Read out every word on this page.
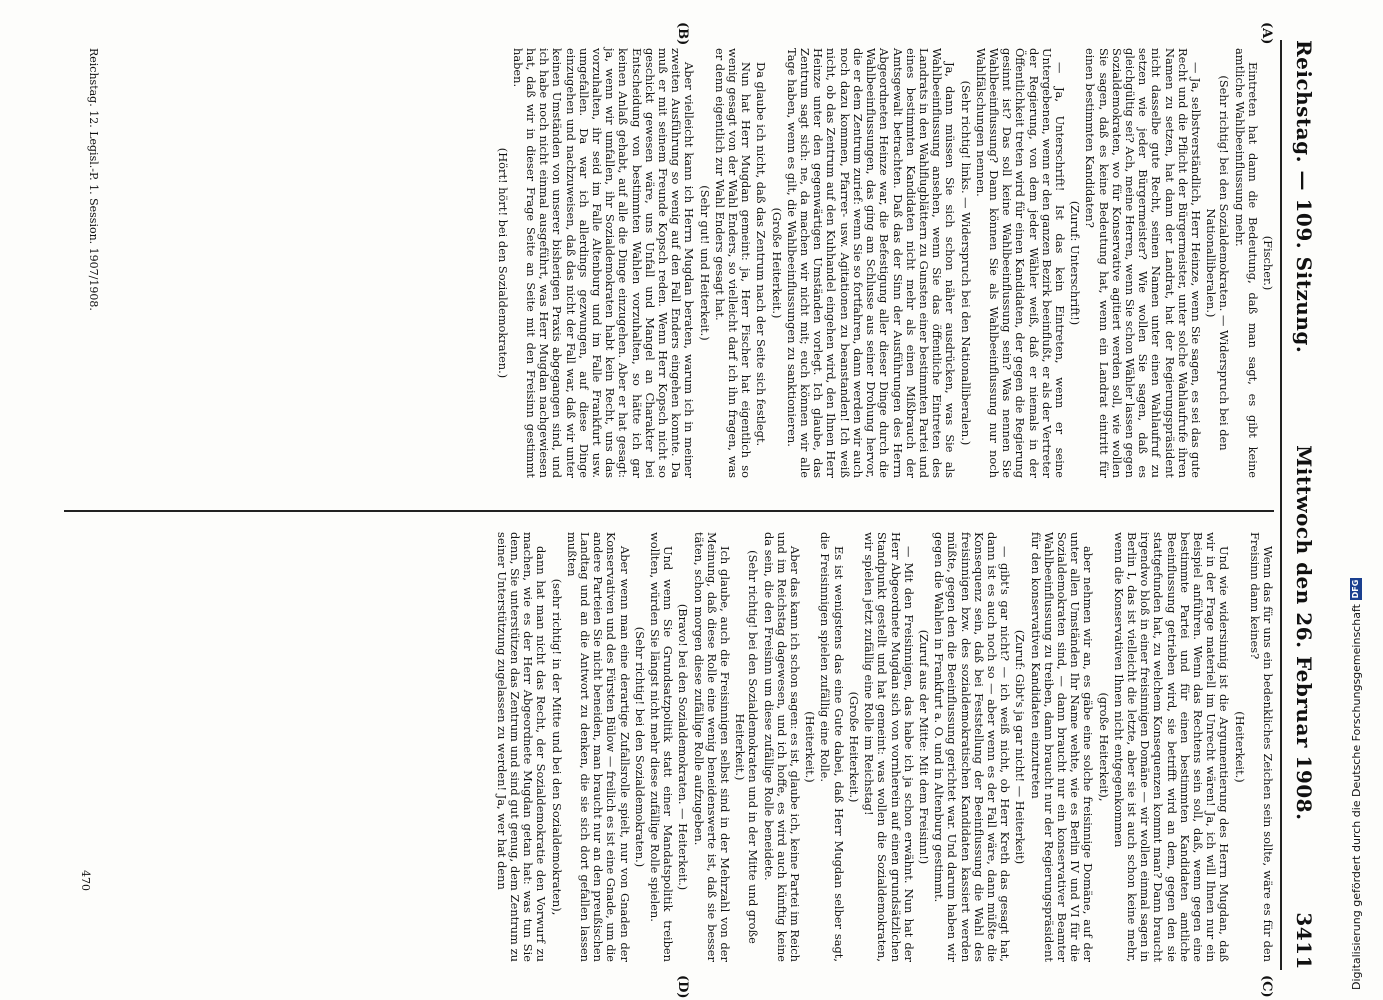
Reichstag. — 109. Sitzung.
Mittwoch den 26. Februar 1908.
3411
(A)
(B)
(C)
(D)

(Fischer.)

Eintreten hat dann die Bedeutung, daß man sagt, es gibt keine amtliche Wahlbeeinflussung mehr.

(Sehr richtig! bei den Sozialdemokraten. — Widerspruch bei den Nationalliberalen.)

— Ja, selbstverständlich, Herr Heinze, wenn Sie sagen, es sei das gute Recht und die Pflicht der Bürgermeister, unter solche Wahlaufrufe ihren Namen zu setzen, hat dann der Landrat, hat der Regierungspräsident nicht dasselbe gute Recht, seinen Namen unter einen Wahlaufruf zu setzen wie jeder Bürgermeister? Wie wollen Sie sagen, daß es gleichgültig sei? Ach, meine Herren, wenn Sie schon Wähler lassen gegen Sozialdemokraten, wo für Konservative agitiert werden soll, wie wollen Sie sagen, daß es keine Bedeutung hat, wenn ein Landrat eintritt für einen bestimmten Kandidaten?

(Zuruf: Unterschrift!)

— Ja, Unterschrift! Ist das kein Eintreten, wenn er seine Untergebenen, wenn er den ganzen Bezirk beeinflußt, er als der Vertreter der Regierung, von dem jeder Wähler weiß, daß er niemals in der Öffentlichkeit treten wird für einen Kandidaten, der gegen die Regierung gesinnt ist? Das soll keine Wahlbeeinflussung sein? Was nennen Sie Wahlbeeinflussung? Dann können Sie als Wahlbeeinflussung nur noch Wahlfälschungen nennen.

(Sehr richtig! links. — Widerspruch bei den Nationalliberalen.)

Ja, dann müssen Sie sich schon näher ausdrücken, was Sie als Wahlbeeinflussung ansehen, wenn Sie das öffentliche Eintreten des Landrats in den Wahlflugblättern zu Gunsten einer bestimmten Partei und eines bestimmten Kandidaten nicht mehr als einen Mißbrauch der Amtsgewalt betrachten. Daß das der Sinn der Ausführungen des Herrn Abgeordneten Heinze war, die Befestigung aller dieser Dinge durch die Wahlbeeinflussungen, das ging am Schlusse aus seiner Drohung hervor, die er dem Zentrum zurief: wenn Sie so fortfahren, dann werden wir auch noch dazu kommen, Pfarrer- usw. Agitationen zu beanstanden! Ich weiß nicht, ob das Zentrum auf den Kuhhandel eingehen wird, den Ihnen Herr Heinze unter den gegenwärtigen Umständen vorlegt. Ich glaube, das Zentrum sagt sich: ne, da machen wir nicht mit; euch können wir alle Tage haben, wenn es gilt, die Wahlbeeinflussungen zu sanktionieren.

(Große Heiterkeit.)

Da glaube ich nicht, daß das Zentrum nach der Seite sich festlegt.

Nun hat Herr Mugdan gemeint: ja, Herr Fischer hat eigentlich so wenig gesagt von der Wahl Enders, so vielleicht darf ich ihn fragen, was er denn eigentlich zur Wahl Enders gesagt hat.

(Sehr gut! und Heiterkeit.)

Aber vielleicht kann ich Herrn Mugdan beraten, warum ich in meiner zweiten Ausführung so wenig auf den Fall Enders eingehen konnte. Da muß er mit seinem Freunde Kopsch reden. Wenn Herr Kopsch nicht so geschickt gewesen wäre, uns Unfall und Mangel an Charakter bei Entscheidung von bestimmten Wahlen vorzuhalten, so hätte ich gar keinen Anlaß gehabt, auf alle die Dinge einzugehen. Aber er hat gesagt: ja, wenn wir umfallen, ihr Sozialdemokraten habt kein Recht, uns das vorzuhalten, ihr seid im Falle Altenburg und im Falle Frankfurt usw. umgefallen. Da war ich allerdings gezwungen, auf diese Dinge einzugehen und nachzuweisen, daß das nicht der Fall war, daß wir unter keinen Umständen von unserer bisherigen Praxis abgegangen sind, und ich habe noch nicht einmal ausgeführt, was Herr Mugdan nachgewiesen hat, daß wir in dieser Frage Seite an Seite mit den Freisinn gestimmt haben.

(Hört! hört! bei den Sozialdemokraten.)

Wenn das für uns ein bedenkliches Zeichen sein sollte, wäre es für den Freisinn dann keines?

(Heiterkeit.)

Und wie widersinnig ist die Argumentierung des Herrn Mugdan, daß wir in der Frage materiell im Unrecht wären! Ja, ich will Ihnen nur ein Beispiel anführen. Wenn das Rechtens sein soll, daß, wenn gegen eine bestimmte Partei und für einen bestimmten Kandidaten amtliche Beeinflussung getrieben wird, sie betrifft wird an dem, gegen den sie stattgefunden hat, zu welchem Konsequenzen kommt man? Dann braucht irgendwo bloß in einer freisinnigen Domäne — wir wollen einmal sagen in Berlin I, das ist vielleicht die letzte, aber sie ist auch schon keine mehr, wenn die Konservativen Ihnen nicht entgegenkommen

(große Heiterkeit),

aber nehmen wir an, es gäbe eine solche freisinnige Domäne, auf der unter allen Umständen Ihr Name wehte, wie es Berlin IV und VI für die Sozialdemokraten sind, — dann braucht nur ein konservativer Beamter Wahlbeeinflussung zu treiben, dann braucht nur der Regierungspräsident für den konservativen Kandidaten einzutreten

(Zuruf: Gibt's ja gar nicht! — Heiterkeit)

— gibt's gar nicht? — ich weiß nicht, ob Herr Kreth das gesagt hat, dann ist es auch noch so — aber wenn es der Fall wäre, dann müßte die Konsequenz sein, daß bei Feststellung der Beeinflussung die Wahl des freisinnigen bzw. des sozialdemokratischen Kandidaten kassiert werden müßte, gegen den die Beeinflussung gerichtet war. Und darum haben wir gegen die Wahlen in Frankfurt a. O. und in Altenburg gestimmt.

(Zuruf aus der Mitte: Mit dem Freisinn!)

— Mit den Freisinnigen, das habe ich ja schon erwähnt. Nun hat der Herr Abgeordnete Mugdan sich von vornherein auf einen grundsätzlichen Standpunkt gestellt und hat gemeint: was wollen die Sozialdemokraten, wir spielen jetzt zufällig eine Rolle im Reichstag!

(Große Heiterkeit.)

Es ist wenigstens das eine Gute dabei, daß Herr Mugdan selber sagt, die Freisinnigen spielen zufällig eine Rolle.

(Heiterkeit.)

Aber das kann ich schon sagen: es ist, glaube ich, keine Partei im Reich und im Reichstag dagewesen, und ich hoffe, es wird auch künftig keine da sein, die den Freisinn um diese zufällige Rolle beneidete.

(Sehr richtig! bei den Sozialdemokraten und in der Mitte und große Heiterkeit.)

Ich glaube, auch die Freisinnigen selbst sind in der Mehrzahl von der Meinung, daß diese Rolle eine wenig beneidenswerte ist, daß sie besser täten, schon morgen diese zufällige Rolle aufzugeben.

(Bravo! bei den Sozialdemokraten. — Heiterkeit.)

Und wenn Sie Grundsatzpolitik statt einer Mandatspolitik treiben wollten, würden Sie längst nicht mehr diese zufällige Rolle spielen.

(Sehr richtig! bei den Sozialdemokraten.)

Aber wenn man eine derartige Zufallsrolle spielt, nur von Gnaden der Konservativen und des Fürsten Bülow — freilich es ist eine Gnade, um die andere Parteien Sie nicht beneiden, man braucht nur an den preußischen Landtag und an die Antwort zu denken, die sie sich dort gefallen lassen mußten

(sehr richtig! in der Mitte und bei den Sozialdemokraten),

dann hat man nicht das Recht, der Sozialdemokratie den Vorwurf zu machen, wie es der Herr Abgeordnete Mugdan getan hat: was tun Sie denn, Sie unterstützen das Zentrum und sind gut genug, dem Zentrum zu seiner Unterstützung zugelassen zu werden! Ja, wer hat denn

Reichstag. 12. Legisl.-P. 1. Session. 1907/1908.
470	Digitalisierung gefördert durch die Deutsche Forschungsgemeinschaft
DFG
